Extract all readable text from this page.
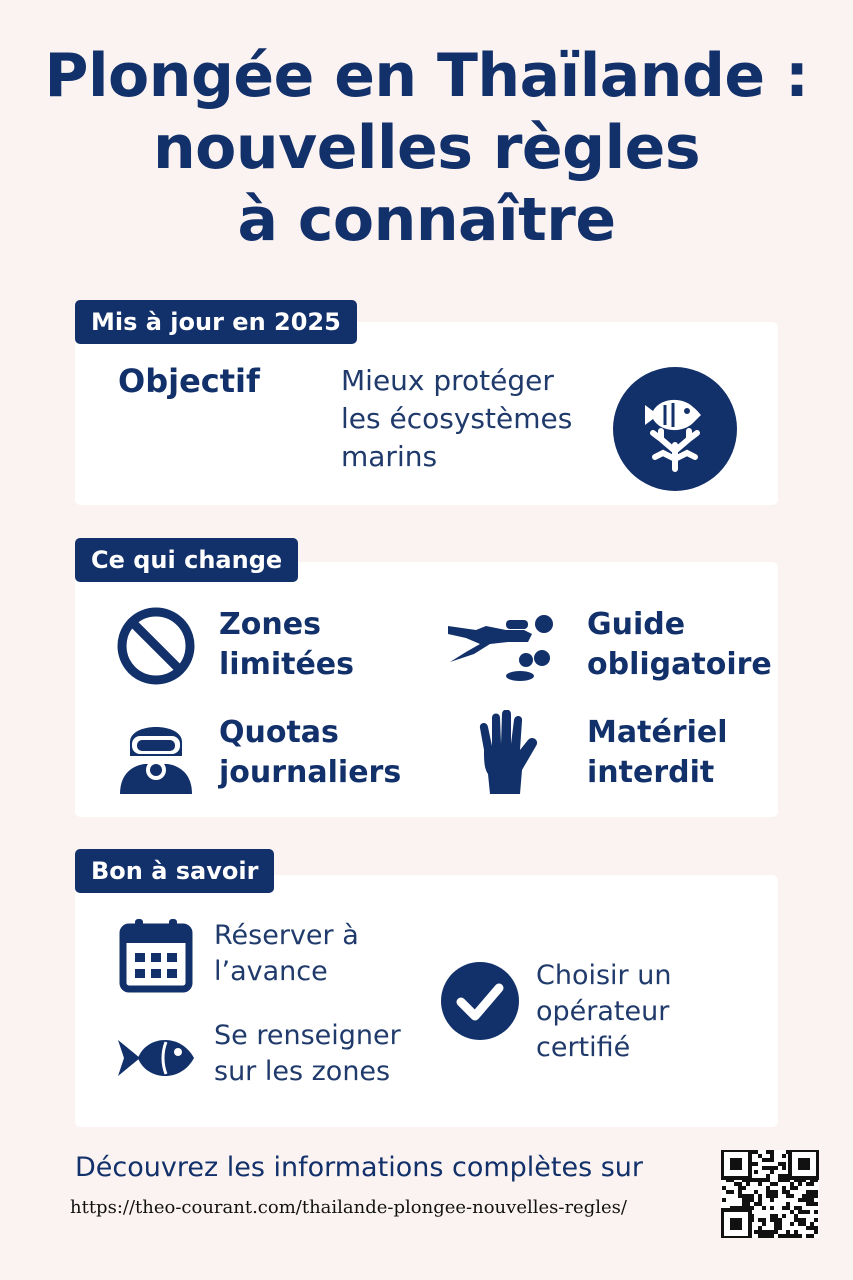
Plongée en Thaïlande :
nouvelles règles
à connaître
Mis à jour en 2025
Objectif	Mieux protéger les écosystèmes marins
Ce qui change
Zones limitées
Guide obligatoire
Quotas journaliers
Matériel interdit
Bon à savoir
Réserver à l’avance
Se renseigner sur les zones
Choisir un opérateur certifié
Découvrez les informations complètes sur
https://theo-courant.com/thailande-plongee-nouvelles-regles/
